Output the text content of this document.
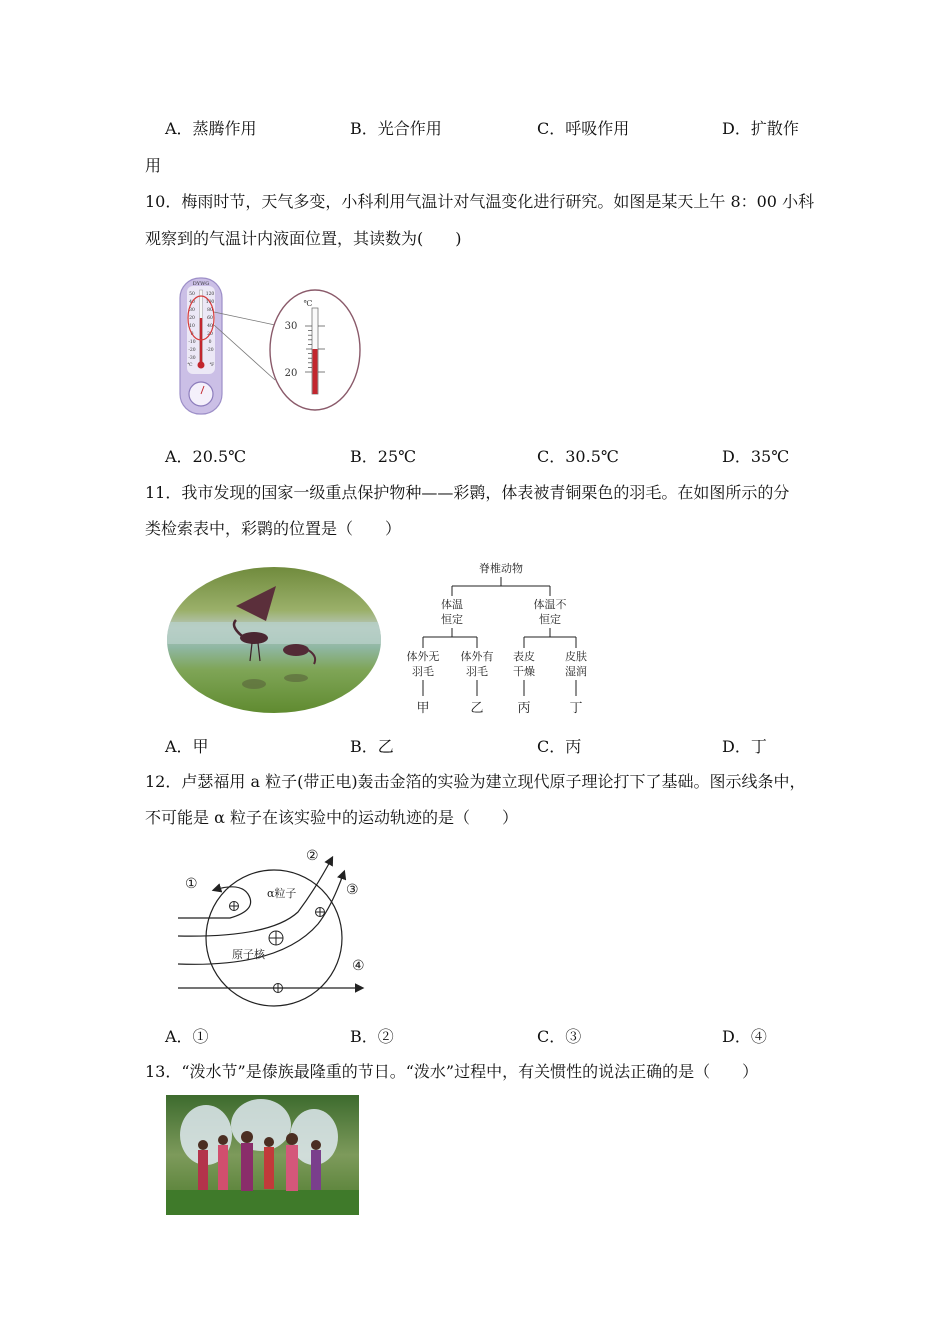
A．蒸腾作用	B．光合作用	C．呼吸作用	D．扩散作
用
10．梅雨时节，天气多变，小科利用气温计对气温变化进行研究。如图是某天上午 8：00 小科
观察到的气温计内液面位置，其读数为(　　)
DYWG
50
40
30
20
10
0
-10
-20
-30
120
100
80
60
40
20
0
-20
℃	℉
℃
30
20
A．20.5℃	B．25℃	C．30.5℃	D．35℃
11．我市发现的国家一级重点保护物种——彩鹮，体表被青铜栗色的羽毛。在如图所示的分
类检索表中，彩鹮的位置是（　　）
脊椎动物
体温
恒定
体温不
恒定
体外无
羽毛
体外有
羽毛
表皮
干燥
皮肤
湿润
甲	乙	丙	丁
A．甲	B．乙	C．丙	D．丁
12．卢瑟福用 a 粒子(带正电)轰击金箔的实验为建立现代原子理论打下了基础。图示线条中，
不可能是 α 粒子在该实验中的运动轨迹的是（　　）
①
②
③
④
α粒子
原子核
A．①	B．②	C．③	D．④
13．“泼水节”是傣族最隆重的节日。“泼水”过程中，有关惯性的说法正确的是（　　）
